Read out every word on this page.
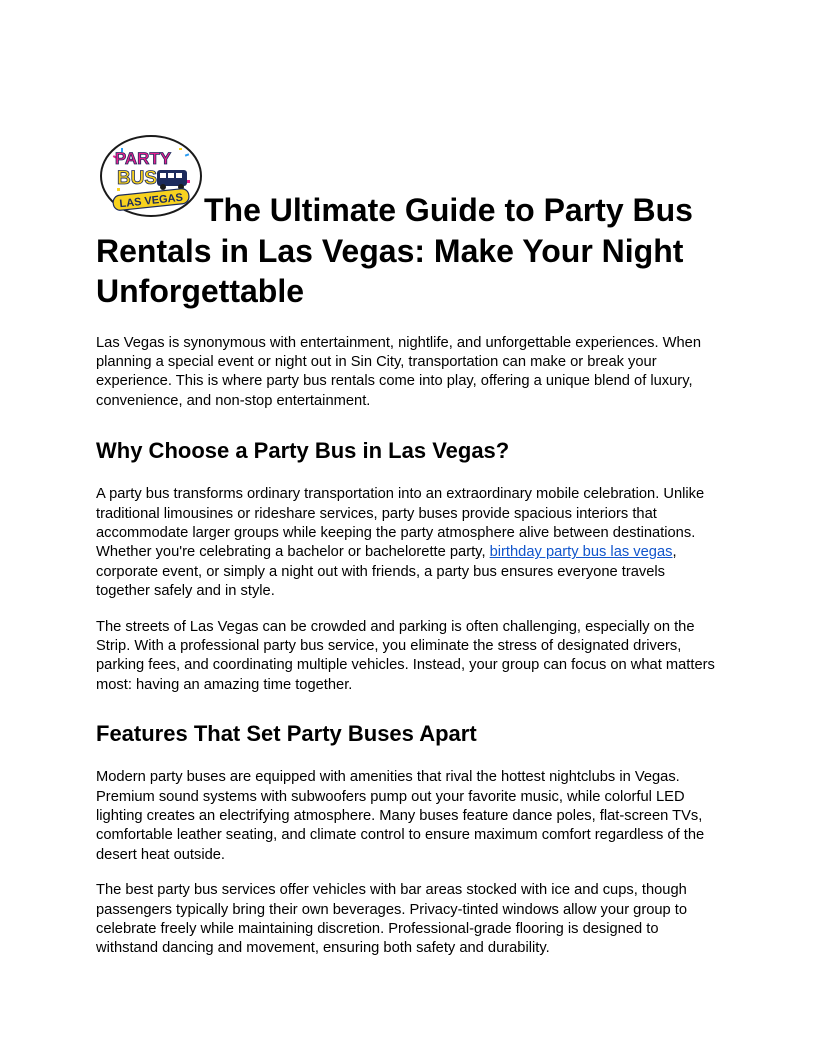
PARTY
BUS
LAS VEGAS The Ultimate Guide to Party Bus Rentals in Las Vegas: Make Your Night Unforgettable

Las Vegas is synonymous with entertainment, nightlife, and unforgettable experiences. When planning a special event or night out in Sin City, transportation can make or break your experience. This is where party bus rentals come into play, offering a unique blend of luxury, convenience, and non-stop entertainment.

Why Choose a Party Bus in Las Vegas?

A party bus transforms ordinary transportation into an extraordinary mobile celebration. Unlike traditional limousines or rideshare services, party buses provide spacious interiors that accommodate larger groups while keeping the party atmosphere alive between destinations. Whether you're celebrating a bachelor or bachelorette party, birthday party bus las vegas, corporate event, or simply a night out with friends, a party bus ensures everyone travels together safely and in style.

The streets of Las Vegas can be crowded and parking is often challenging, especially on the Strip. With a professional party bus service, you eliminate the stress of designated drivers, parking fees, and coordinating multiple vehicles. Instead, your group can focus on what matters most: having an amazing time together.

Features That Set Party Buses Apart

Modern party buses are equipped with amenities that rival the hottest nightclubs in Vegas. Premium sound systems with subwoofers pump out your favorite music, while colorful LED lighting creates an electrifying atmosphere. Many buses feature dance poles, flat-screen TVs, comfortable leather seating, and climate control to ensure maximum comfort regardless of the desert heat outside.

The best party bus services offer vehicles with bar areas stocked with ice and cups, though passengers typically bring their own beverages. Privacy-tinted windows allow your group to celebrate freely while maintaining discretion. Professional-grade flooring is designed to withstand dancing and movement, ensuring both safety and durability.
